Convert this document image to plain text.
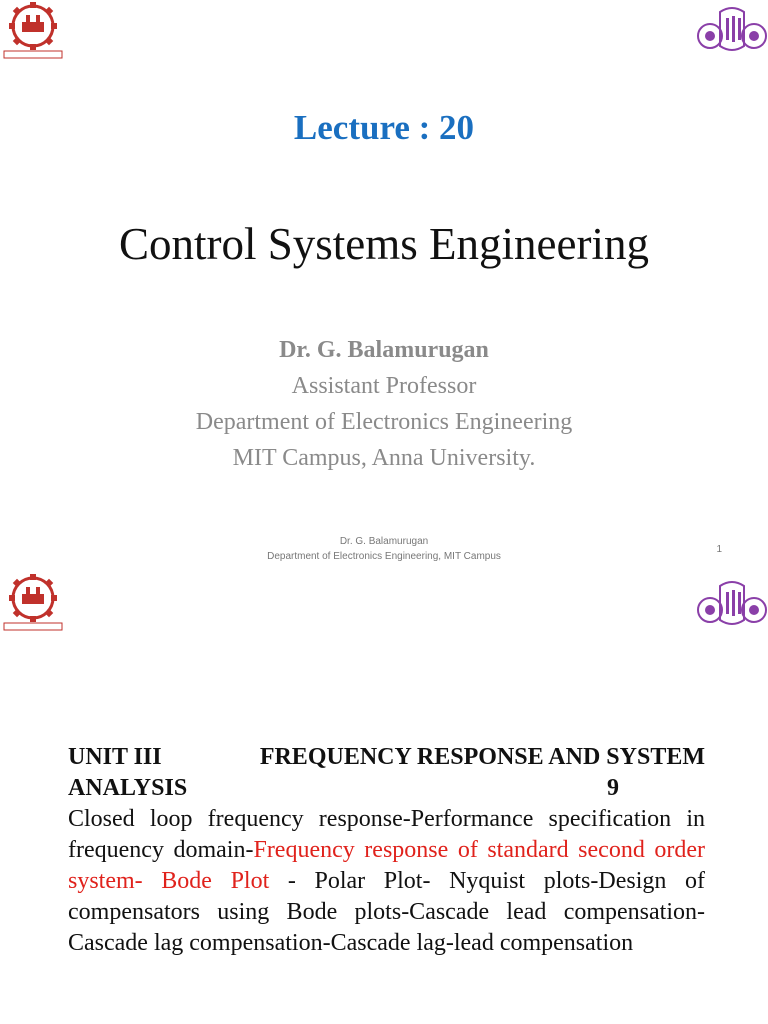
Lecture : 20
Control Systems Engineering
Dr. G. Balamurugan
Assistant Professor
Department of Electronics Engineering
MIT Campus, Anna University.
Dr. G. Balamurugan
Department of Electronics Engineering, MIT Campus
1
UNIT III	FREQUENCY RESPONSE AND SYSTEM
ANALYSIS	9
Closed loop frequency response-Performance specification in frequency domain-Frequency response of standard second order system- Bode Plot - Polar Plot- Nyquist plots-Design of compensators using Bode plots-Cascade lead compensation-Cascade lag compensation-Cascade lag-lead compensation
